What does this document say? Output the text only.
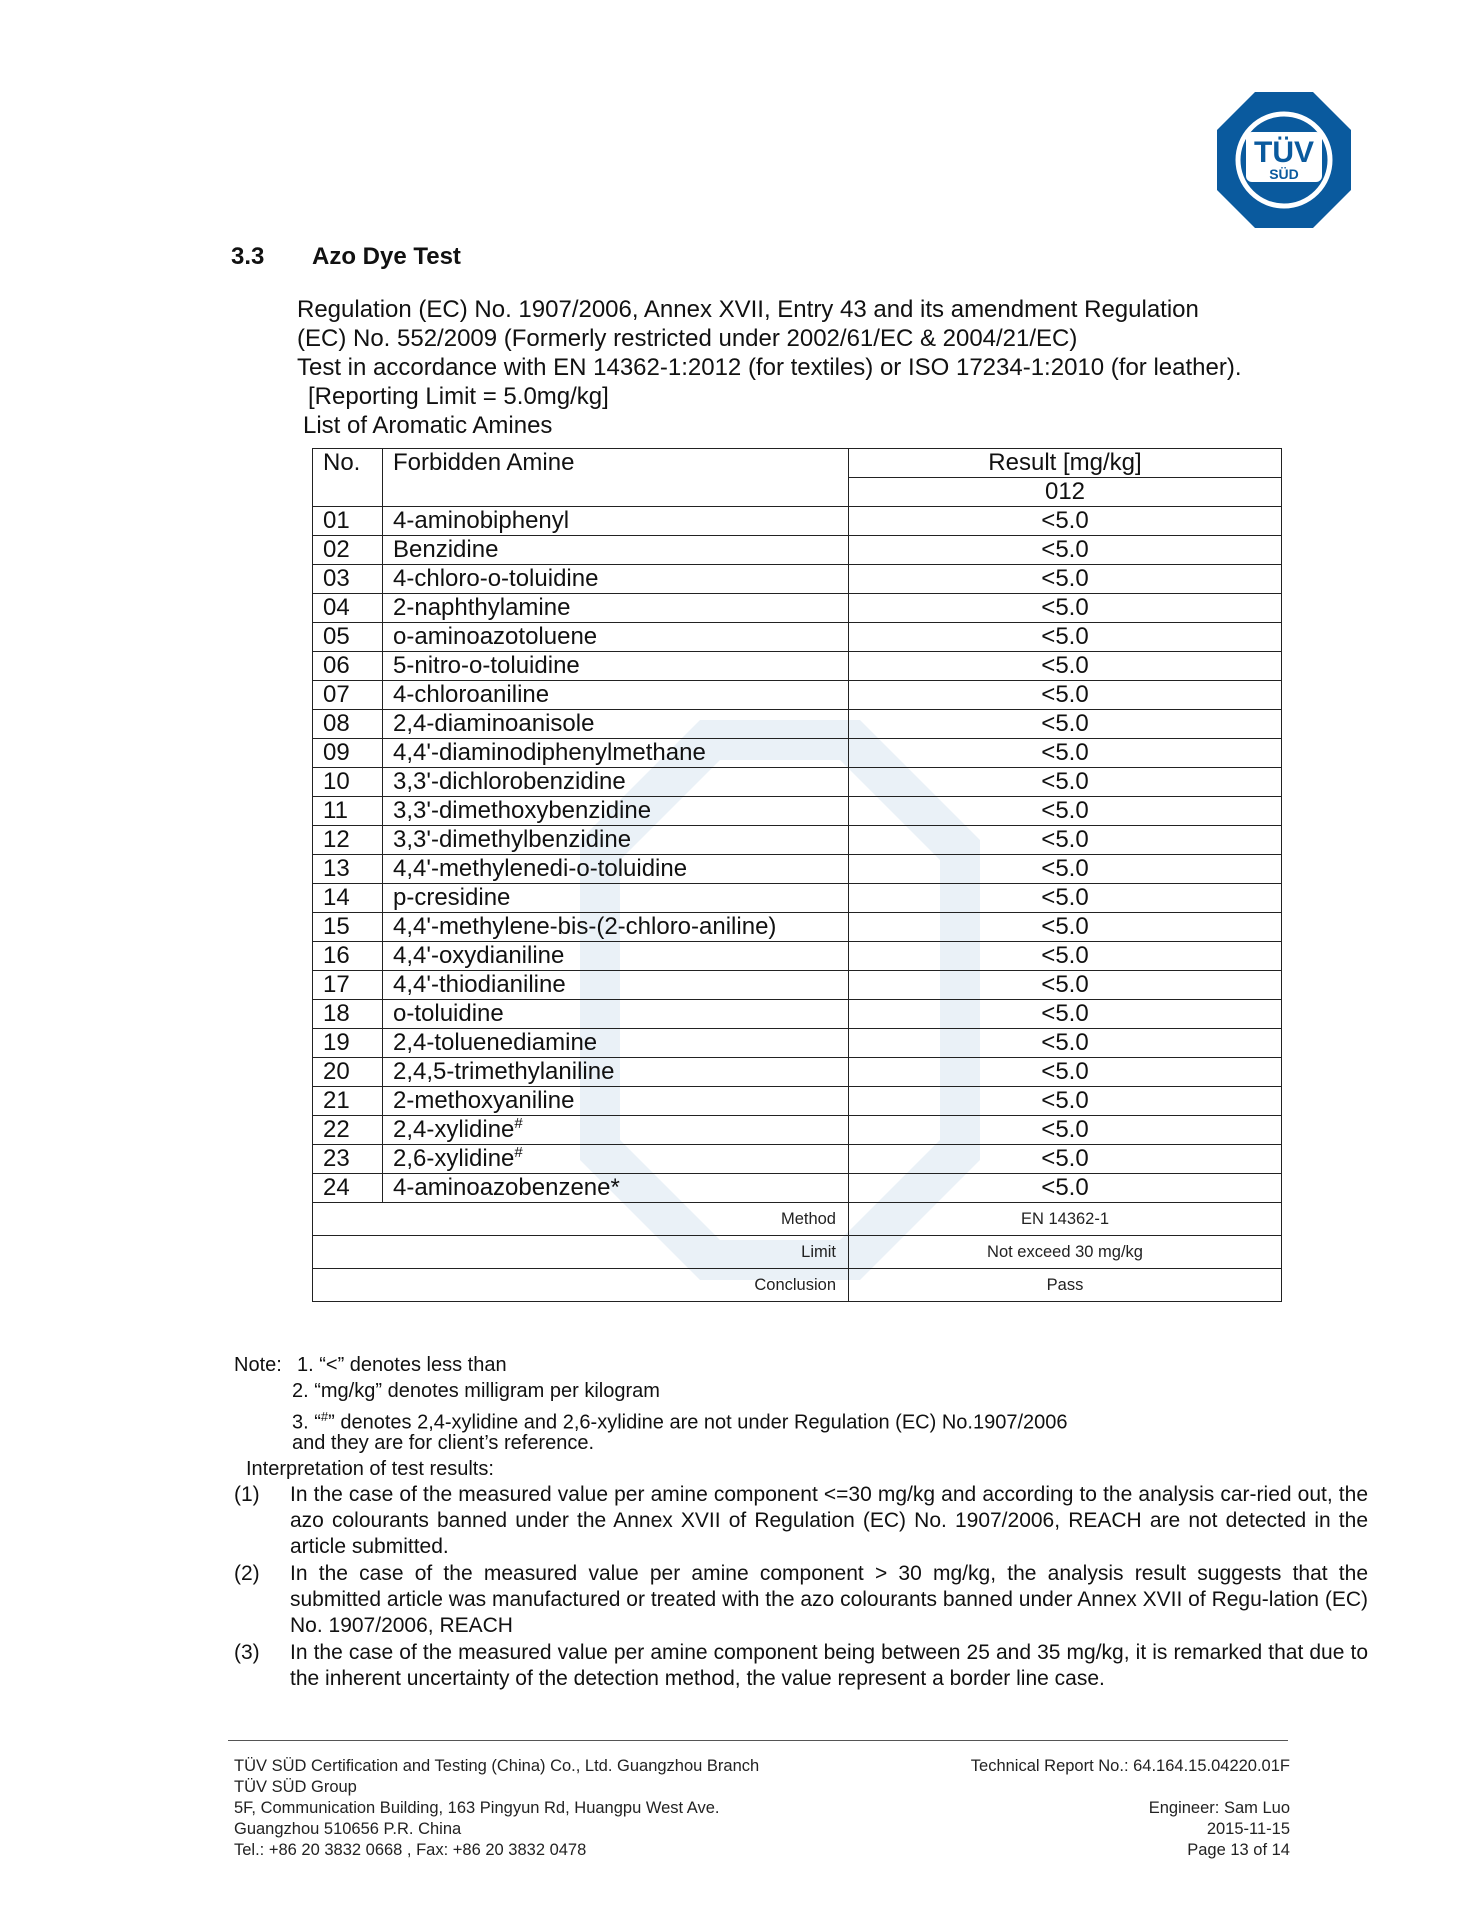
TÜV
SÜD
3.3 Azo Dye Test
Regulation (EC) No. 1907/2006, Annex XVII, Entry 43 and its amendment Regulation
(EC) No. 552/2009 (Formerly restricted under 2002/61/EC & 2004/21/EC)
Test in accordance with EN 14362-1:2012 (for textiles) or ISO 17234-1:2010 (for leather).
[Reporting Limit = 5.0mg/kg]
List of Aromatic Amines
No.	Forbidden Amine	Result [mg/kg]
		012
01	4-aminobiphenyl	<5.0
02	Benzidine	<5.0
03	4-chloro-o-toluidine	<5.0
04	2-naphthylamine	<5.0
05	o-aminoazotoluene	<5.0
06	5-nitro-o-toluidine	<5.0
07	4-chloroaniline	<5.0
08	2,4-diaminoanisole	<5.0
09	4,4'-diaminodiphenylmethane	<5.0
10	3,3'-dichlorobenzidine	<5.0
11	3,3'-dimethoxybenzidine	<5.0
12	3,3'-dimethylbenzidine	<5.0
13	4,4'-methylenedi-o-toluidine	<5.0
14	p-cresidine	<5.0
15	4,4'-methylene-bis-(2-chloro-aniline)	<5.0
16	4,4'-oxydianiline	<5.0
17	4,4'-thiodianiline	<5.0
18	o-toluidine	<5.0
19	2,4-toluenediamine	<5.0
20	2,4,5-trimethylaniline	<5.0
21	2-methoxyaniline	<5.0
22	2,4-xylidine#	<5.0
23	2,6-xylidine#	<5.0
24	4-aminoazobenzene*	<5.0
Method		EN 14362-1
Limit		Not exceed 30 mg/kg
Conclusion		Pass
Note: 1. “<” denotes less than
2. “mg/kg” denotes milligram per kilogram
3. “#” denotes 2,4-xylidine and 2,6-xylidine are not under Regulation (EC) No.1907/2006
and they are for client’s reference.
Interpretation of test results:
(1) In the case of the measured value per amine component <=30 mg/kg and according to the analysis car-ried out, the azo colourants banned under the Annex XVII of Regulation (EC) No. 1907/2006, REACH are not detected in the article submitted.
(2) In the case of the measured value per amine component > 30 mg/kg, the analysis result suggests that the submitted article was manufactured or treated with the azo colourants banned under Annex XVII of Regu-lation (EC) No. 1907/2006, REACH
(3) In the case of the measured value per amine component being between 25 and 35 mg/kg, it is remarked that due to the inherent uncertainty of the detection method, the value represent a border line case.
TÜV SÜD Certification and Testing (China) Co., Ltd. Guangzhou Branch
TÜV SÜD Group
5F, Communication Building, 163 Pingyun Rd, Huangpu West Ave.
Guangzhou 510656 P.R. China
Tel.: +86 20 3832 0668 , Fax: +86 20 3832 0478
Technical Report No.: 64.164.15.04220.01F
Engineer: Sam Luo
2015-11-15
Page 13 of 14
